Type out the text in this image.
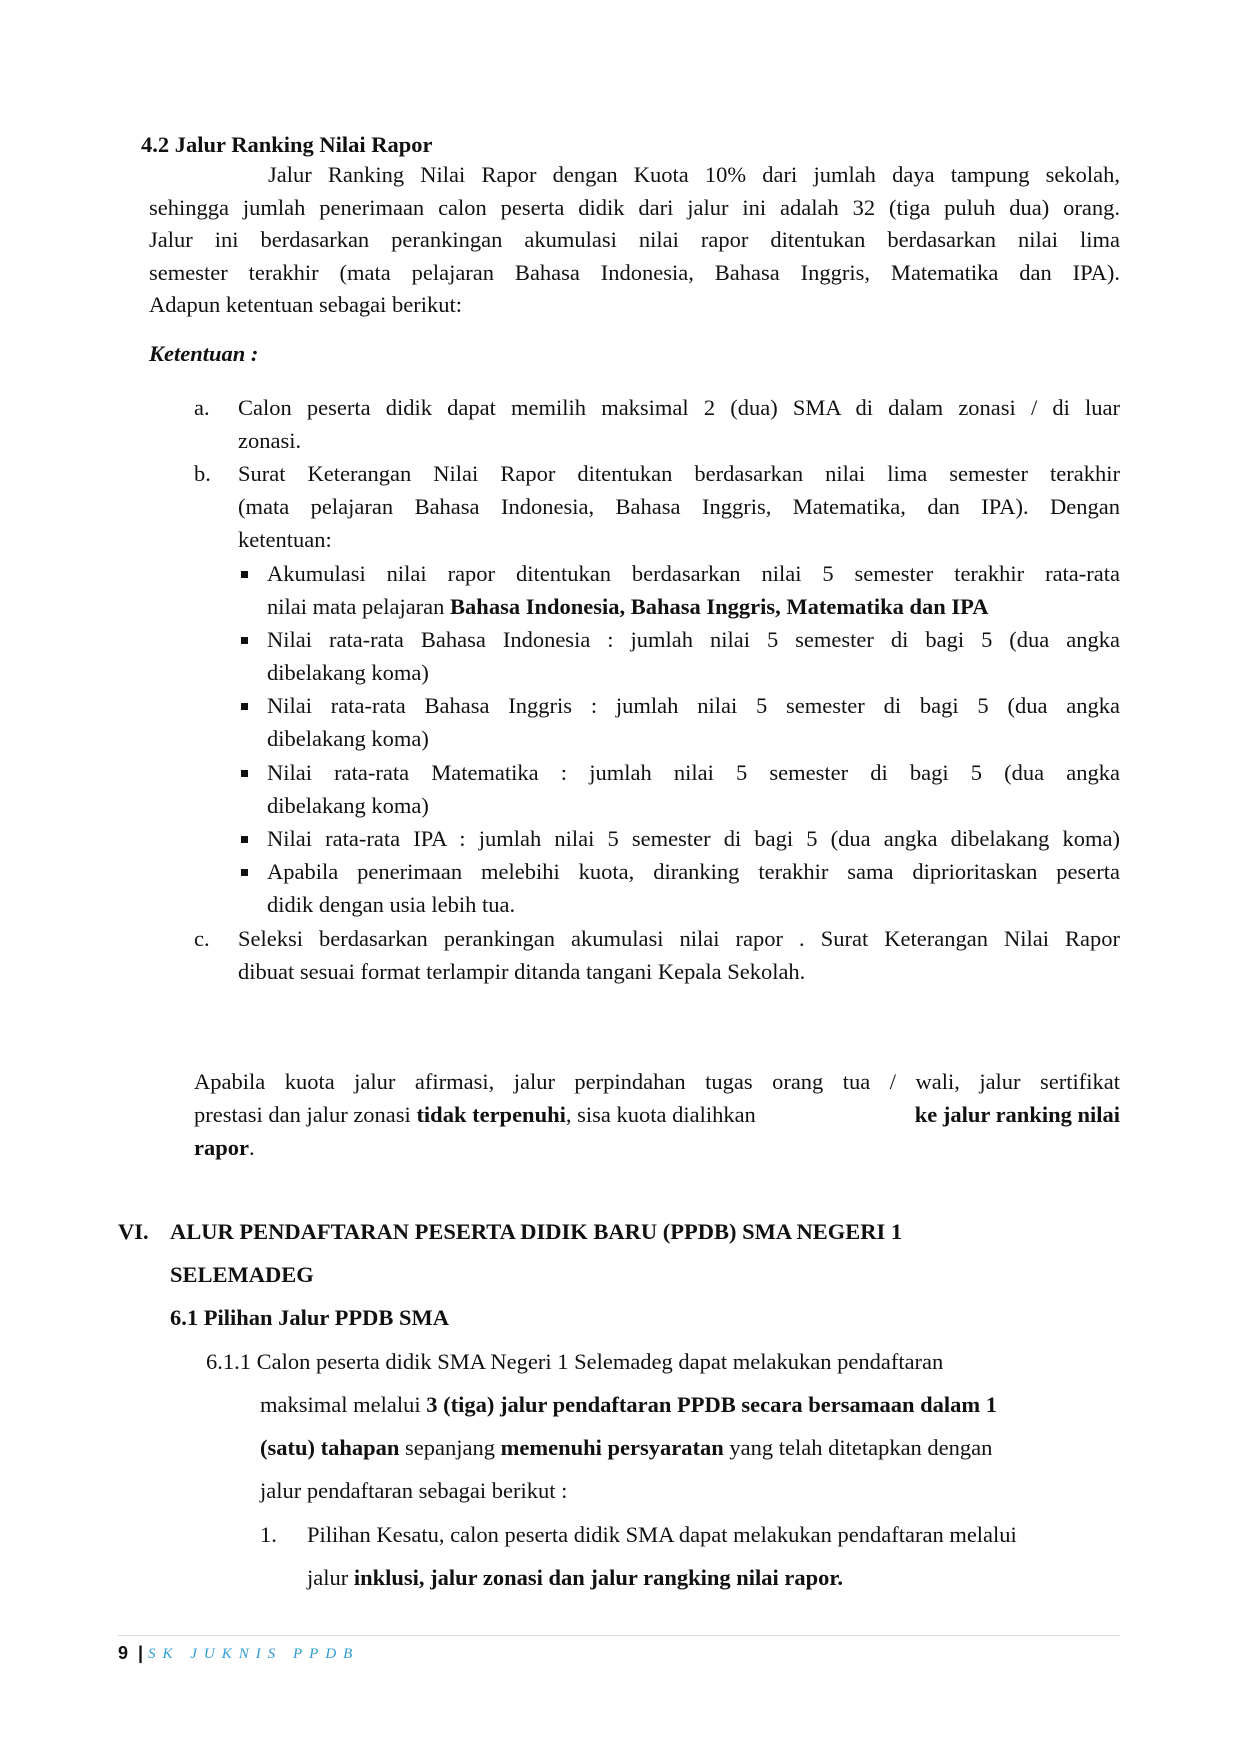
4.2 Jalur Ranking Nilai Rapor
Jalur Ranking Nilai Rapor dengan Kuota 10% dari jumlah daya tampung sekolah,
sehingga jumlah penerimaan calon peserta didik dari jalur ini adalah 32 (tiga puluh dua) orang.
Jalur ini berdasarkan perankingan akumulasi nilai rapor ditentukan berdasarkan nilai lima
semester terakhir (mata pelajaran Bahasa Indonesia, Bahasa Inggris, Matematika dan IPA).
Adapun ketentuan sebagai berikut:
Ketentuan :
a. Calon peserta didik dapat memilih maksimal 2 (dua) SMA di dalam zonasi / di luar
zonasi.
b. Surat Keterangan Nilai Rapor ditentukan berdasarkan nilai lima semester terakhir
(mata pelajaran Bahasa Indonesia, Bahasa Inggris, Matematika, dan IPA). Dengan
ketentuan:
Akumulasi nilai rapor ditentukan berdasarkan nilai 5 semester terakhir rata-rata
nilai mata pelajaran Bahasa Indonesia, Bahasa Inggris, Matematika dan IPA
Nilai rata-rata Bahasa Indonesia : jumlah nilai 5 semester di bagi 5 (dua angka
dibelakang koma)
Nilai rata-rata Bahasa Inggris : jumlah nilai 5 semester di bagi 5 (dua angka
dibelakang koma)
Nilai rata-rata Matematika : jumlah nilai 5 semester di bagi 5 (dua angka
dibelakang koma)
Nilai rata-rata IPA : jumlah nilai 5 semester di bagi 5 (dua angka dibelakang koma)
Apabila penerimaan melebihi kuota, diranking terakhir sama diprioritaskan peserta
didik dengan usia lebih tua.
c. Seleksi berdasarkan perankingan akumulasi nilai rapor . Surat Keterangan Nilai Rapor
dibuat sesuai format terlampir ditanda tangani Kepala Sekolah.
Apabila kuota jalur afirmasi, jalur perpindahan tugas orang tua / wali, jalur sertifikat
prestasi dan jalur zonasi tidak terpenuhi, sisa kuota dialihkan	ke jalur ranking nilai
rapor.
VI. ALUR PENDAFTARAN PESERTA DIDIK BARU (PPDB) SMA NEGERI 1
SELEMADEG
6.1 Pilihan Jalur PPDB SMA
6.1.1 Calon peserta didik SMA Negeri 1 Selemadeg dapat melakukan pendaftaran
maksimal melalui 3 (tiga) jalur pendaftaran PPDB secara bersamaan dalam 1
(satu) tahapan sepanjang memenuhi persyaratan yang telah ditetapkan dengan
jalur pendaftaran sebagai berikut :
1. Pilihan Kesatu, calon peserta didik SMA dapat melakukan pendaftaran melalui
jalur inklusi, jalur zonasi dan jalur rangking nilai rapor.
9 | SK JUKNIS PPDB
